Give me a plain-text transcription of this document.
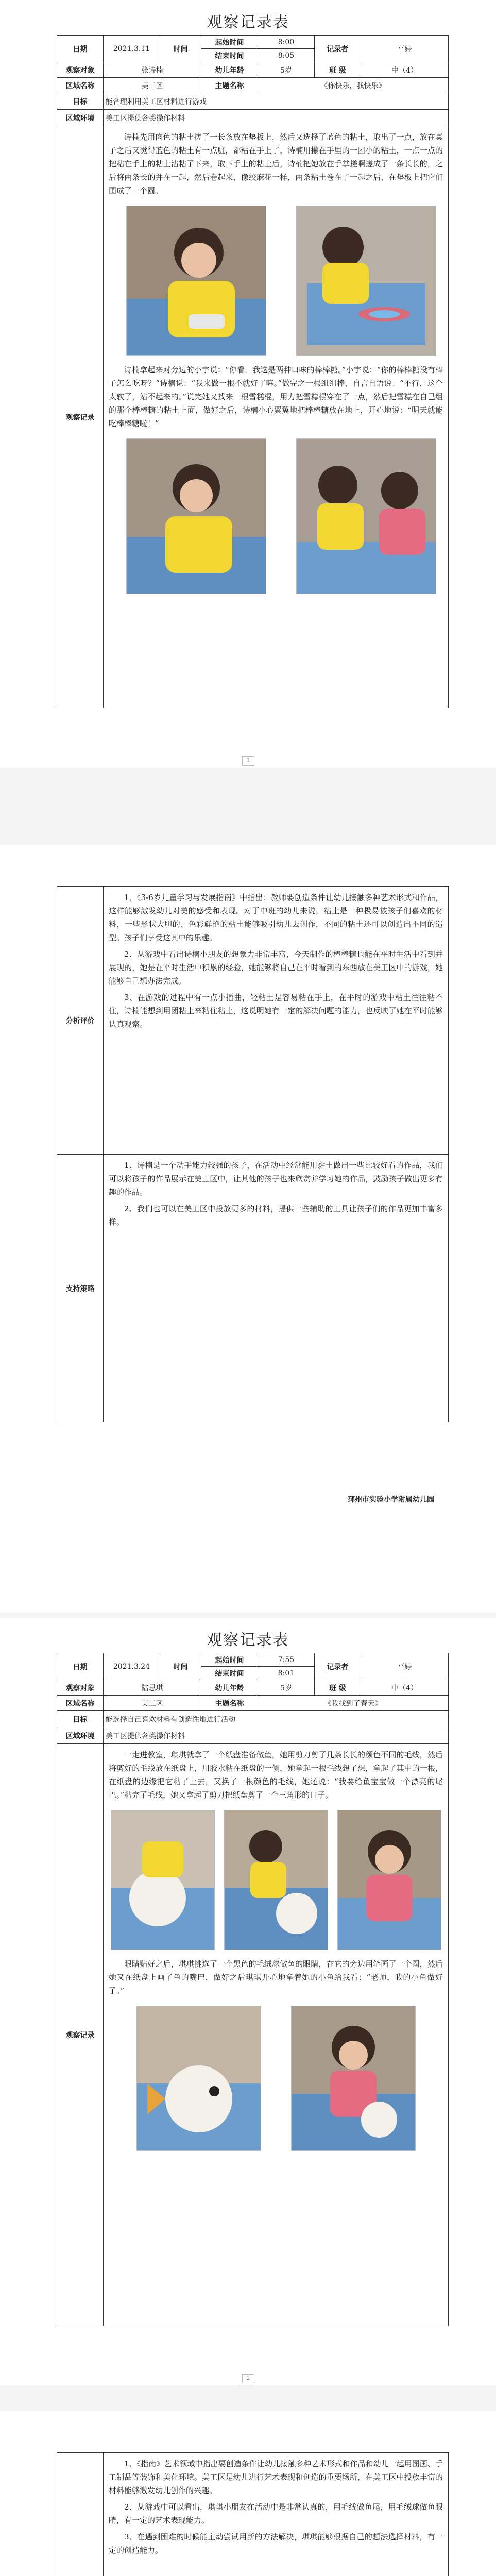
观察记录表
日期	2021.3.11	时间	起始时间	8:00	记录者	平婷
			结束时间	8:05		
观察对象	张诗楠		幼儿年龄	5岁	班 级	中（4）
区域名称	美工区		主题名称	《你快乐，我快乐》		
目标	能合理利用美工区材料进行游戏					
区域环境	美工区提供各类操作材料					
观察记录	诗楠先用肉色的粘土搓了一长条放在垫板上，然后又选择了蓝色的粘土，取出了一点，放在桌子之后又觉得蓝色的粘土有一点脏，都粘在手上了，诗楠用攥在手里的一团小的粘土，一点一点的把粘在手上的粘土沾粘了下来，取下手上的粘土后，诗楠把她放在手掌搓啊搓成了一条长长的，之后将两条长的并在一起，然后卷起来，像绞麻花一样，两条粘土卷在了一起之后，在垫板上把它们围成了一个圆。

诗楠拿起来对旁边的小宇说：“你看，我这是两种口味的棒棒糖。”小宇说：“你的棒棒糖没有棒子怎么吃呀？”诗楠说：“我来做一根不就好了嘛。”做完之一根组组棒，自言自语说：“不行，这个太软了，站不起来的。”说完她又找来一根雪糕棍，用力把雪糕棍穿在了一点，然后把雪糕在自己组的那个棒棒糖的粘土上面，做好之后，诗楠小心翼翼地把棒棒糖放在地上，开心地说：“明天就能吃棒棒糖啦！”					

1
分析评价	1、《3-6岁儿童学习与发展指南》中指出：教师要创造条件让幼儿接触多种艺术形式和作品，这样能够激发幼儿对美的感受和表现。对于中班的幼儿来说，粘土是一种极易被孩子们喜欢的材料，一些形状大胆的、色彩鲜艳的粘土能够吸引幼儿去创作，不同的粘土还可以创造出不同的造型。孩子们享受这其中的乐趣。

2、从游戏中看出诗楠小朋友的想象力非常丰富，今天制作的棒棒糖也能在平时生活中看到并展现的，她是在平时生活中积累的经验，她能够将自己在平时看到的东西放在美工区中的游戏，她能够自己想办法完成。

3、在游戏的过程中有一点小插曲，轻粘土是容易粘在手上，在平时的游戏中粘土往往粘不住，诗楠能想到用团粘土来粘住粘土，这说明她有一定的解决问题的能力，也反映了她在平时能够认真观察。

支持策略	1、诗楠是一个动手能力较强的孩子，在活动中经常能用黏土做出一些比较好看的作品，我们可以将孩子的作品展示在美工区中，让其他的孩子也来欣赏并学习她的作品，鼓励孩子做出更多有趣的作品。

2、我们也可以在美工区中投放更多的材料，提供一些辅助的工具让孩子们的作品更加丰富多样。

邳州市实验小学附属幼儿园
观察记录表
日期	2021.3.24	时间	起始时间	7:55	记录者	平婷
			结束时间	8:01		
观察对象	陆思琪		幼儿年龄	5岁	班 级	中（4）
区域名称	美工区		主题名称	《我找到了春天》		
目标	能选择自己喜欢材料有创造性地进行活动					
区域环境	美工区提供各类操作材料					
观察记录	一走进教室，琪琪就拿了一个纸盘准备做鱼，她用剪刀剪了几条长长的颜色不同的毛线，然后将剪好的毛线放在纸盘上，用胶水粘在纸盘的一侧，她拿起一根毛线想了想，拿起了其中的一根，在纸盘的边缘把它粘了上去，又换了一根颜色的毛线，她还说：“我要给鱼宝宝做一个漂亮的尾巴。”粘完了毛线，她又拿起了剪刀把纸盘剪了一个三角形的口子。

眼睛贴好之后，琪琪挑选了一个黑色的毛绒球做鱼的眼睛，在它的旁边用笔画了一个圈，然后她又在纸盘上画了鱼的嘴巴，做好之后琪琪开心地拿着她的小鱼给我看：“老师，我的小鱼做好了。”					

2

1、《指南》艺术领域中指出要创造条件让幼儿接触多种艺术形式和作品和幼儿一起用图画、手工制品等装饰和美化环境。美工区是幼儿进行艺术表现和创造的重要场所，在美工区中投放丰富的材料能够激发幼儿创作的兴趣。

2、从游戏中可以看出，琪琪小朋友在活动中是非常认真的，用毛线做鱼尾，用毛绒球做鱼眼睛，有一定的艺术表现能力。

3、在遇到困难的时候能主动尝试用新的方法解决，琪琪能够根据自己的想法选择材料，有一定的创造能力。
